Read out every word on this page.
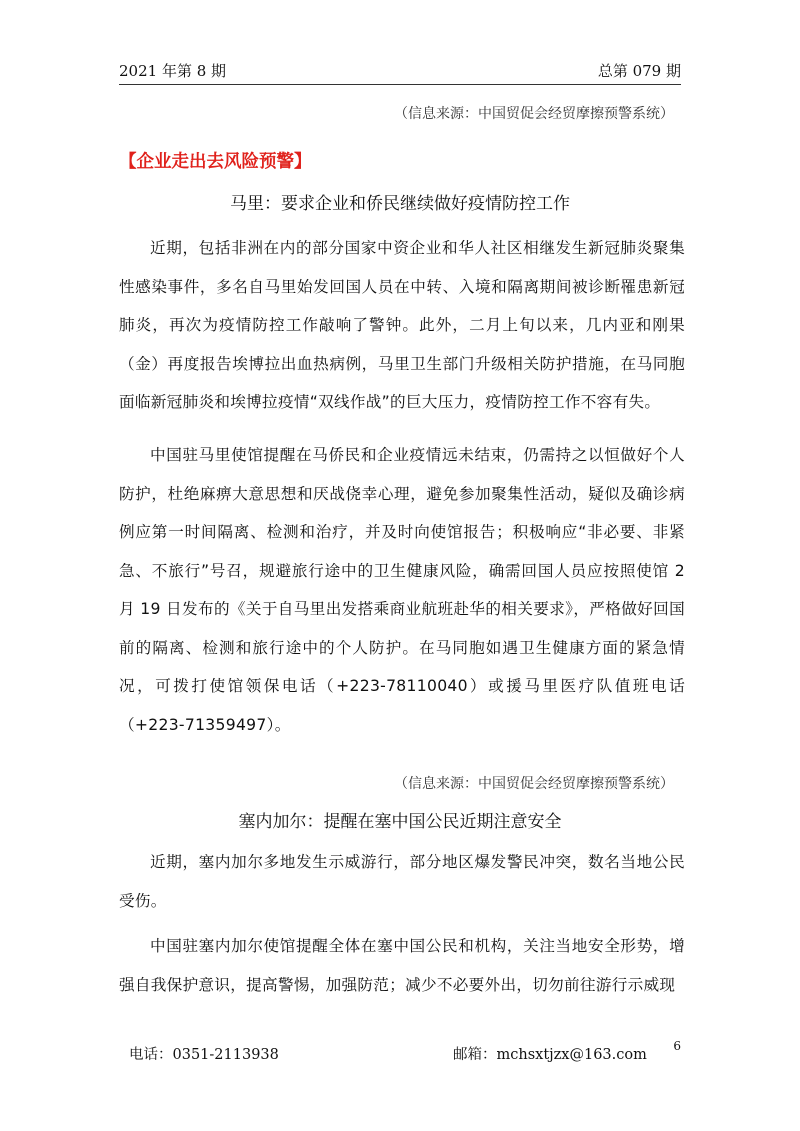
2021 年第 8 期	总第 079 期
（信息来源：中国贸促会经贸摩擦预警系统）
【企业走出去风险预警】
马里：要求企业和侨民继续做好疫情防控工作

近期，包括非洲在内的部分国家中资企业和华人社区相继发生新冠肺炎聚集性感染事件，多名自马里始发回国人员在中转、入境和隔离期间被诊断罹患新冠肺炎，再次为疫情防控工作敲响了警钟。此外，二月上旬以来，几内亚和刚果（金）再度报告埃博拉出血热病例，马里卫生部门升级相关防护措施，在马同胞面临新冠肺炎和埃博拉疫情“双线作战”的巨大压力，疫情防控工作不容有失。

中国驻马里使馆提醒在马侨民和企业疫情远未结束，仍需持之以恒做好个人防护，杜绝麻痹大意思想和厌战侥幸心理，避免参加聚集性活动，疑似及确诊病例应第一时间隔离、检测和治疗，并及时向使馆报告；积极响应“非必要、非紧急、不旅行”号召，规避旅行途中的卫生健康风险，确需回国人员应按照使馆 2 月 19 日发布的《关于自马里出发搭乘商业航班赴华的相关要求》，严格做好回国前的隔离、检测和旅行途中的个人防护。在马同胞如遇卫生健康方面的紧急情况，可拨打使馆领保电话（+223-78110040）或援马里医疗队值班电话（+223-71359497）。

（信息来源：中国贸促会经贸摩擦预警系统）
塞内加尔：提醒在塞中国公民近期注意安全

近期，塞内加尔多地发生示威游行，部分地区爆发警民冲突，数名当地公民受伤。

中国驻塞内加尔使馆提醒全体在塞中国公民和机构，关注当地安全形势，增强自我保护意识，提高警惕，加强防范；减少不必要外出，切勿前往游行示威现

电话：0351-2113938	邮箱：mchsxtjzx@163.com
6
